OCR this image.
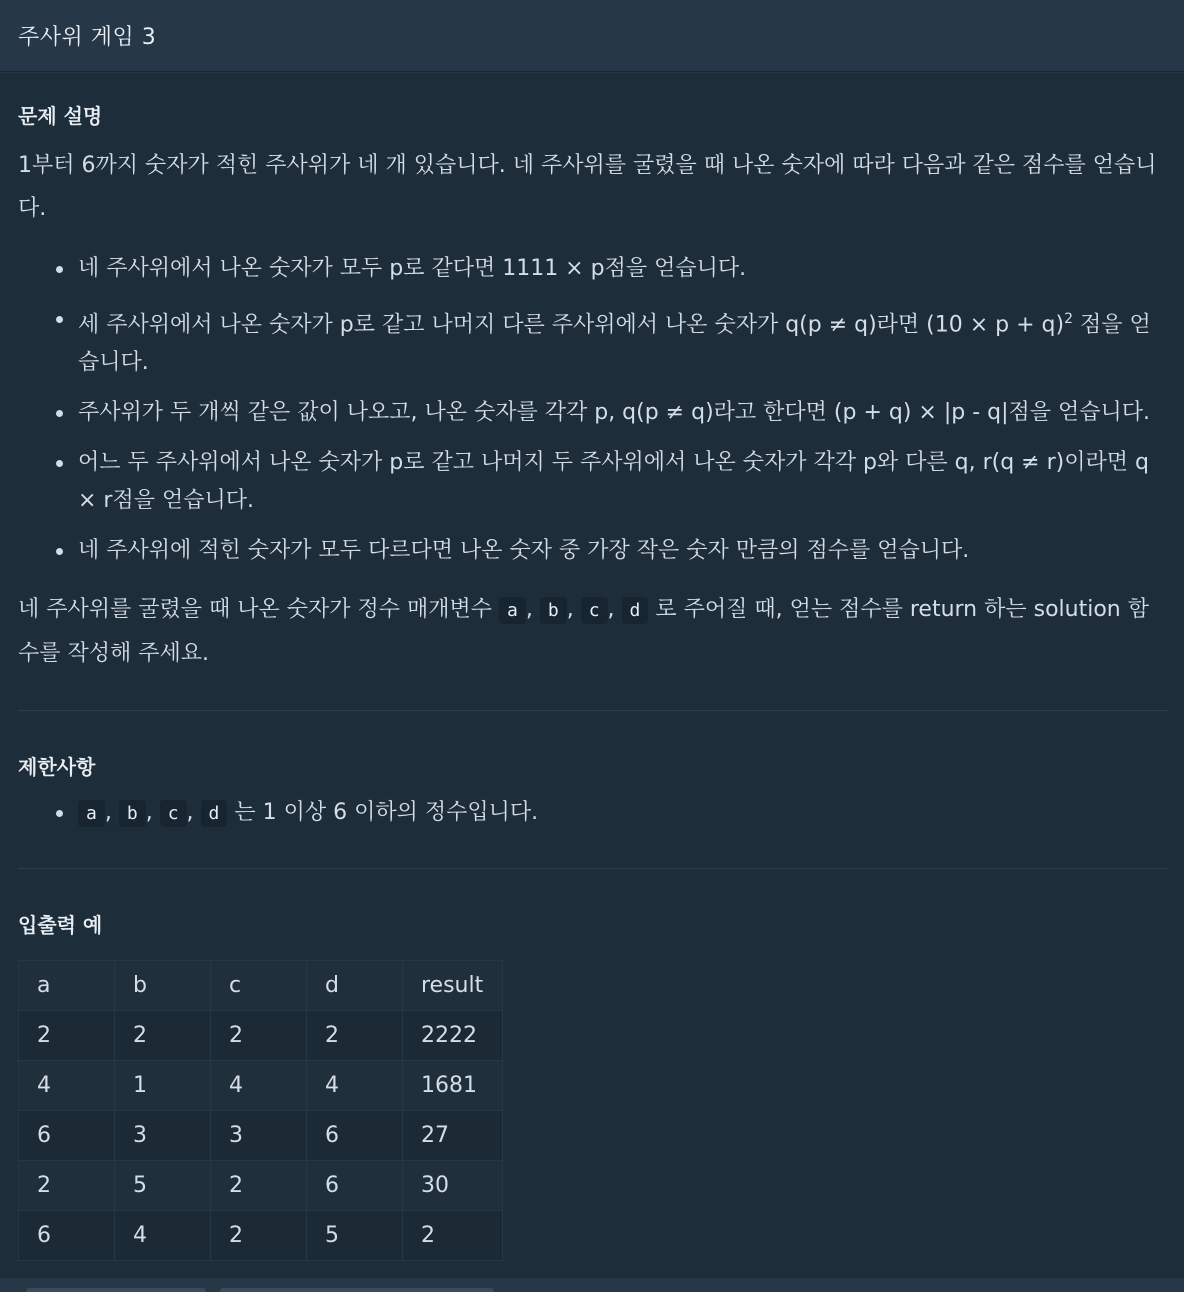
주사위 게임 3
문제 설명

1부터 6까지 숫자가 적힌 주사위가 네 개 있습니다. 네 주사위를 굴렸을 때 나온 숫자에 따라 다음과 같은 점수를 얻습니다.

네 주사위에서 나온 숫자가 모두 p로 같다면 1111 × p점을 얻습니다.
세 주사위에서 나온 숫자가 p로 같고 나머지 다른 주사위에서 나온 숫자가 q(p ≠ q)라면 $(10 \times p + q)^2$ 점을 얻습니다.
주사위가 두 개씩 같은 값이 나오고, 나온 숫자를 각각 p, q(p ≠ q)라고 한다면 (p + q) × |p - q|점을 얻습니다.
어느 두 주사위에서 나온 숫자가 p로 같고 나머지 두 주사위에서 나온 숫자가 각각 p와 다른 q, r(q ≠ r)이라면 q × r점을 얻습니다.
네 주사위에 적힌 숫자가 모두 다르다면 나온 숫자 중 가장 작은 숫자 만큼의 점수를 얻습니다.

네 주사위를 굴렸을 때 나온 숫자가 정수 매개변수 a , b , c , d 로 주어질 때, 얻는 점수를 return 하는 solution 함수를 작성해 주세요.

제한사항
a , b , c , d 는 1 이상 6 이하의 정수입니다.
입출력 예
a	b	c	d	result
2	2	2	2	2222
4	1	4	4	1681
6	3	3	6	27
2	5	2	6	30
6	4	2	5	2
